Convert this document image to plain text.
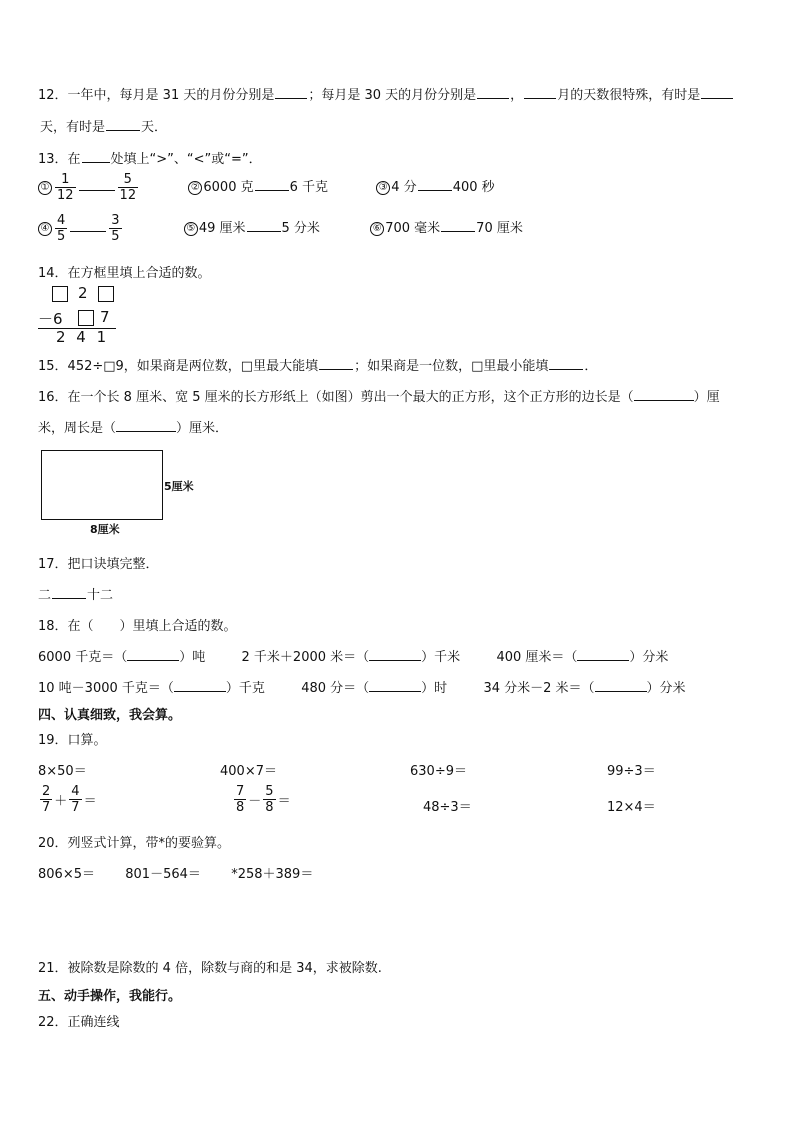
12．一年中，每月是 31 天的月份分别是	；每月是 30 天的月份分别是	，	月的天数很特殊，有时是
天，有时是	天．
13．在 处填上“>”、“<”或“=”．
① $\frac{1}{12}$	$\frac{5}{12}$	② 6000 克	6 千克	③ 4 分	400 秒
④ $\frac{4}{5}$	$\frac{3}{5}$	⑤ 49 厘米	5 分米	⑥ 700 毫米	70 厘米
14．在方框里填上合适的数。
2
－6 7
2 4 1
15．452÷□9，如果商是两位数，□里最大能填	；如果商是一位数，□里最小能填	．
16．在一个长 8 厘米、宽 5 厘米的长方形纸上（如图）剪出一个最大的正方形，这个正方形的边长是（	）厘
米，周长是（	）厘米．
5厘米
8厘米
17．把口诀填完整．
二	十二
18．在（　　）里填上合适的数。
6000 千克＝（	）吨	2 千米＋2000 米＝（	）千米	400 厘米＝（	）分米
10 吨－3000 千克＝（	）千克	480 分＝（	）时	34 分米－2 米＝（	）分米
四、认真细致，我会算。
19．口算。
8×50＝	400×7＝	630÷9＝	99÷3＝
$\frac{2}{7} + \frac{4}{7}$ ＝	$\frac{7}{8} - \frac{5}{8}$ ＝	48÷3＝	12×4＝
20．列竖式计算，带*的要验算。
806×5＝ 801－564＝ *258＋389＝
21．被除数是除数的 4 倍，除数与商的和是 34，求被除数.
五、动手操作，我能行。
22．正确连线
